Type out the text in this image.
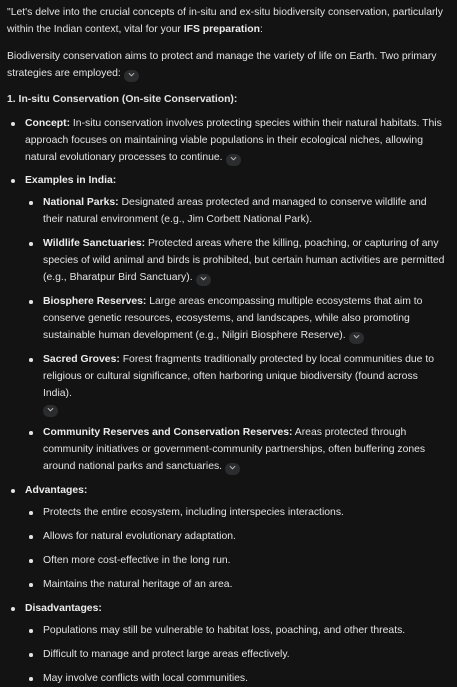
"Let's delve into the crucial concepts of in-situ and ex-situ biodiversity conservation, particularly within the Indian context, vital for your IFS preparation:

Biodiversity conservation aims to protect and manage the variety of life on Earth. Two primary strategies are employed:

1. In-situ Conservation (On-site Conservation):

Concept: In-situ conservation involves protecting species within their natural habitats. This approach focuses on maintaining viable populations in their ecological niches, allowing natural evolutionary processes to continue.
Examples in India:
National Parks: Designated areas protected and managed to conserve wildlife and their natural environment (e.g., Jim Corbett National Park).
Wildlife Sanctuaries: Protected areas where the killing, poaching, or capturing of any species of wild animal and birds is prohibited, but certain human activities are permitted (e.g., Bharatpur Bird Sanctuary).
Biosphere Reserves: Large areas encompassing multiple ecosystems that aim to conserve genetic resources, ecosystems, and landscapes, while also promoting sustainable human development (e.g., Nilgiri Biosphere Reserve).
Sacred Groves: Forest fragments traditionally protected by local communities due to religious or cultural significance, often harboring unique biodiversity (found across India).
Community Reserves and Conservation Reserves: Areas protected through community initiatives or government-community partnerships, often buffering zones around national parks and sanctuaries.
Advantages:
Protects the entire ecosystem, including interspecies interactions.
Allows for natural evolutionary adaptation.
Often more cost-effective in the long run.
Maintains the natural heritage of an area.
Disadvantages:
Populations may still be vulnerable to habitat loss, poaching, and other threats.
Difficult to manage and protect large areas effectively.
May involve conflicts with local communities.
